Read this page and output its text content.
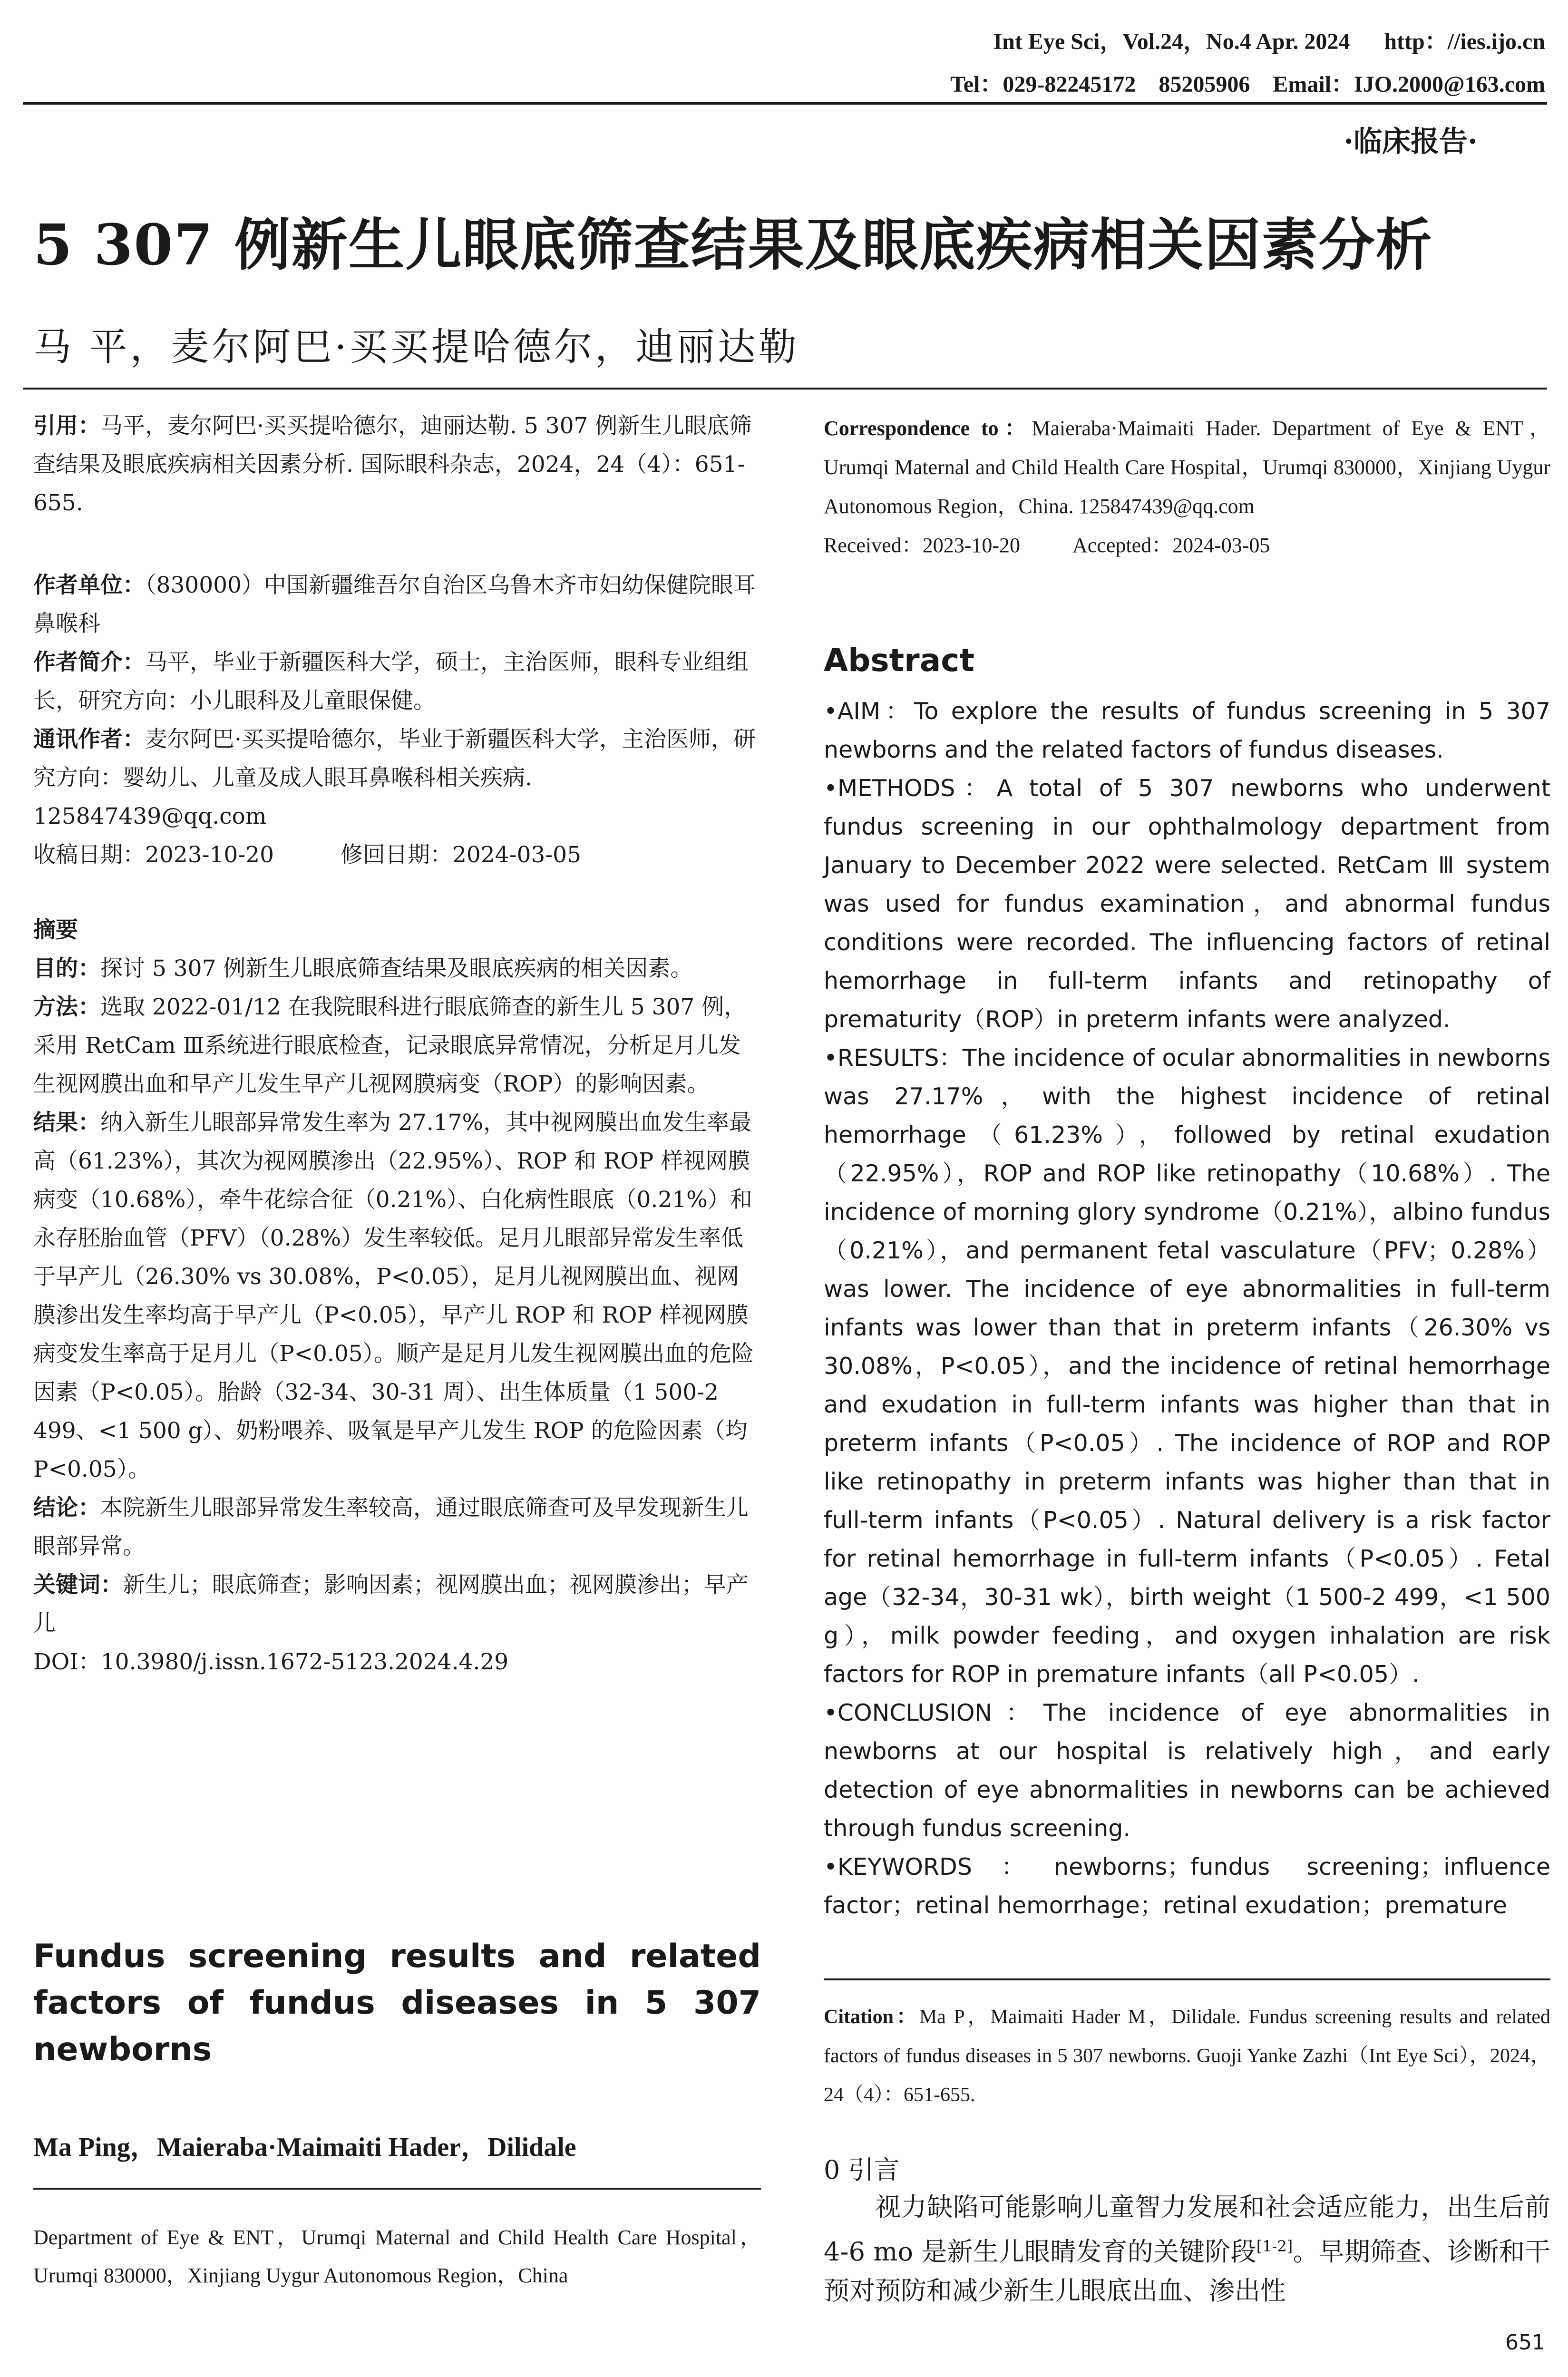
Int Eye Sci，Vol.24，No.4 Apr. 2024      http：//ies.ijo.cn
Tel：029-82245172    85205906    Email：IJO.2000@163.com
·临床报告·
5 307 例新生儿眼底筛查结果及眼底疾病相关因素分析
马 平，麦尔阿巴·买买提哈德尔，迪丽达勒

引用：马平，麦尔阿巴·买买提哈德尔，迪丽达勒. 5 307 例新生儿眼底筛查结果及眼底疾病相关因素分析. 国际眼科杂志，2024，24（4）：651-655.

作者单位：（830000）中国新疆维吾尔自治区乌鲁木齐市妇幼保健院眼耳鼻喉科

作者简介：马平，毕业于新疆医科大学，硕士，主治医师，眼科专业组组长，研究方向：小儿眼科及儿童眼保健。

通讯作者：麦尔阿巴·买买提哈德尔，毕业于新疆医科大学，主治医师，研究方向：婴幼儿、儿童及成人眼耳鼻喉科相关疾病. 125847439@qq.com

收稿日期：2023-10-20	修回日期：2024-03-05

摘要

目的：探讨 5 307 例新生儿眼底筛查结果及眼底疾病的相关因素。

方法：选取 2022-01/12 在我院眼科进行眼底筛查的新生儿 5 307 例，采用 RetCam Ⅲ系统进行眼底检查，记录眼底异常情况，分析足月儿发生视网膜出血和早产儿发生早产儿视网膜病变（ROP）的影响因素。

结果：纳入新生儿眼部异常发生率为 27.17%，其中视网膜出血发生率最高（61.23%），其次为视网膜渗出（22.95%）、ROP 和 ROP 样视网膜病变（10.68%），牵牛花综合征（0.21%）、白化病性眼底（0.21%）和永存胚胎血管（PFV）（0.28%）发生率较低。足月儿眼部异常发生率低于早产儿（26.30% vs 30.08%，P<0.05），足月儿视网膜出血、视网膜渗出发生率均高于早产儿（P<0.05），早产儿 ROP 和 ROP 样视网膜病变发生率高于足月儿（P<0.05）。顺产是足月儿发生视网膜出血的危险因素（P<0.05）。胎龄（32-34、30-31 周）、出生体质量（1 500-2 499、<1 500 g）、奶粉喂养、吸氧是早产儿发生 ROP 的危险因素（均 P<0.05）。

结论：本院新生儿眼部异常发生率较高，通过眼底筛查可及早发现新生儿眼部异常。

关键词：新生儿；眼底筛查；影响因素；视网膜出血；视网膜渗出；早产儿

DOI：10.3980/j.issn.1672-5123.2024.4.29

Fundus screening results and related factors of fundus diseases in 5 307 newborns
Ma Ping，Maieraba·Maimaiti Hader，Dilidale
Department of Eye & ENT，Urumqi Maternal and Child Health Care Hospital，Urumqi 830000，Xinjiang Uygur Autonomous Region，China

Correspondence to：Maieraba·Maimaiti Hader. Department of Eye & ENT，Urumqi Maternal and Child Health Care Hospital，Urumqi 830000，Xinjiang Uygur Autonomous Region，China. 125847439@qq.com

Received：2023-10-20	Accepted：2024-03-05

Abstract

•AIM：To explore the results of fundus screening in 5 307 newborns and the related factors of fundus diseases.

•METHODS：A total of 5 307 newborns who underwent fundus screening in our ophthalmology department from January to December 2022 were selected. RetCam Ⅲ system was used for fundus examination，and abnormal fundus conditions were recorded. The influencing factors of retinal hemorrhage in full-term infants and retinopathy of prematurity（ROP）in preterm infants were analyzed.

•RESULTS：The incidence of ocular abnormalities in newborns was 27.17%，with the highest incidence of retinal hemorrhage（61.23%），followed by retinal exudation（22.95%），ROP and ROP like retinopathy（10.68%）. The incidence of morning glory syndrome（0.21%），albino fundus（0.21%），and permanent fetal vasculature（PFV；0.28%）was lower. The incidence of eye abnormalities in full-term infants was lower than that in preterm infants（26.30% vs 30.08%，P<0.05），and the incidence of retinal hemorrhage and exudation in full-term infants was higher than that in preterm infants（P<0.05）. The incidence of ROP and ROP like retinopathy in preterm infants was higher than that in full-term infants（P<0.05）. Natural delivery is a risk factor for retinal hemorrhage in full-term infants（P<0.05）. Fetal age（32-34，30-31 wk），birth weight（1 500-2 499，<1 500 g），milk powder feeding，and oxygen inhalation are risk factors for ROP in premature infants（all P<0.05）.

•CONCLUSION：The incidence of eye abnormalities in newborns at our hospital is relatively high，and early detection of eye abnormalities in newborns can be achieved through fundus screening.

•KEYWORDS：newborns；fundus screening；influence factor；retinal hemorrhage；retinal exudation；premature

Citation：Ma P，Maimaiti Hader M，Dilidale. Fundus screening results and related factors of fundus diseases in 5 307 newborns. Guoji Yanke Zazhi（Int Eye Sci），2024，24（4）：651-655.

0 引言

视力缺陷可能影响儿童智力发展和社会适应能力，出生后前 4-6 mo 是新生儿眼睛发育的关键阶段[1-2]。早期筛查、诊断和干预对预防和减少新生儿眼底出血、渗出性

651
